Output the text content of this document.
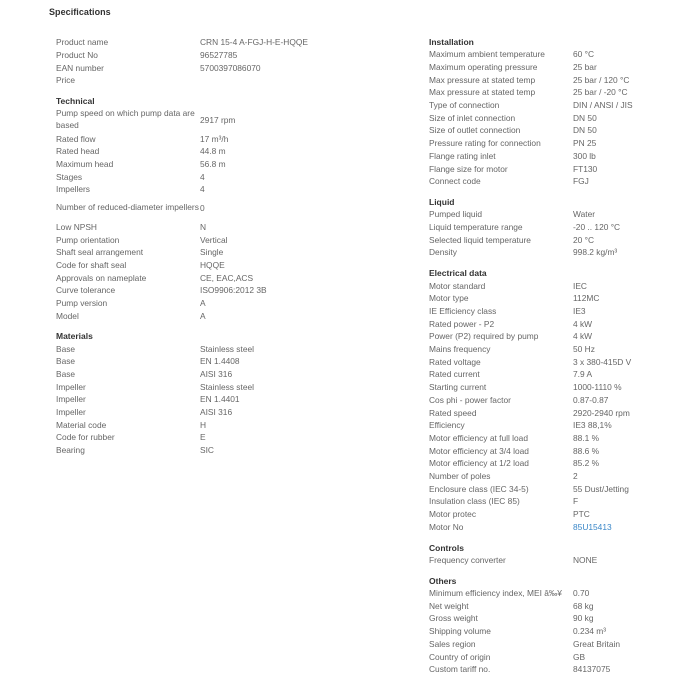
Specifications
Product name	CRN 15-4 A-FGJ-H-E-HQQE
Product No	96527785
EAN number	5700397086070
Price
Technical
Pump speed on which pump data are based	2917 rpm
Rated flow	17 m³/h
Rated head	44.8 m
Maximum head	56.8 m
Stages	4
Impellers	4
Number of reduced-diameter impellers 0
Low NPSH	N
Pump orientation	Vertical
Shaft seal arrangement	Single
Code for shaft seal	HQQE
Approvals on nameplate	CE, EAC,ACS
Curve tolerance	ISO9906:2012 3B
Pump version	A
Model	A
Materials
Base	Stainless steel
Base	EN 1.4408
Base	AISI 316
Impeller	Stainless steel
Impeller	EN 1.4401
Impeller	AISI 316
Material code	H
Code for rubber	E
Bearing	SIC
Installation
Maximum ambient temperature	60 °C
Maximum operating pressure	25 bar
Max pressure at stated temp	25 bar / 120 °C
Max pressure at stated temp	25 bar / -20 °C
Type of connection	DIN / ANSI / JIS
Size of inlet connection	DN 50
Size of outlet connection	DN 50
Pressure rating for connection	PN 25
Flange rating inlet	300 lb
Flange size for motor	FT130
Connect code	FGJ
Liquid
Pumped liquid	Water
Liquid temperature range	-20 .. 120 °C
Selected liquid temperature	20 °C
Density	998.2 kg/m³
Electrical data
Motor standard	IEC
Motor type	112MC
IE Efficiency class	IE3
Rated power - P2	4 kW
Power (P2) required by pump	4 kW
Mains frequency	50 Hz
Rated voltage	3 x 380-415D V
Rated current	7.9 A
Starting current	1000-1110 %
Cos phi - power factor	0.87-0.87
Rated speed	2920-2940 rpm
Efficiency	IE3 88,1%
Motor efficiency at full load	88.1 %
Motor efficiency at 3/4 load	88.6 %
Motor efficiency at 1/2 load	85.2 %
Number of poles	2
Enclosure class (IEC 34-5)	55 Dust/Jetting
Insulation class (IEC 85)	F
Motor protec	PTC
Motor No	85U15413
Controls
Frequency converter	NONE
Others
Minimum efficiency index, MEI â‰¥	0.70
Net weight	68 kg
Gross weight	90 kg
Shipping volume	0.234 m³
Sales region	Great Britain
Country of origin	GB
Custom tariff no.	84137075
